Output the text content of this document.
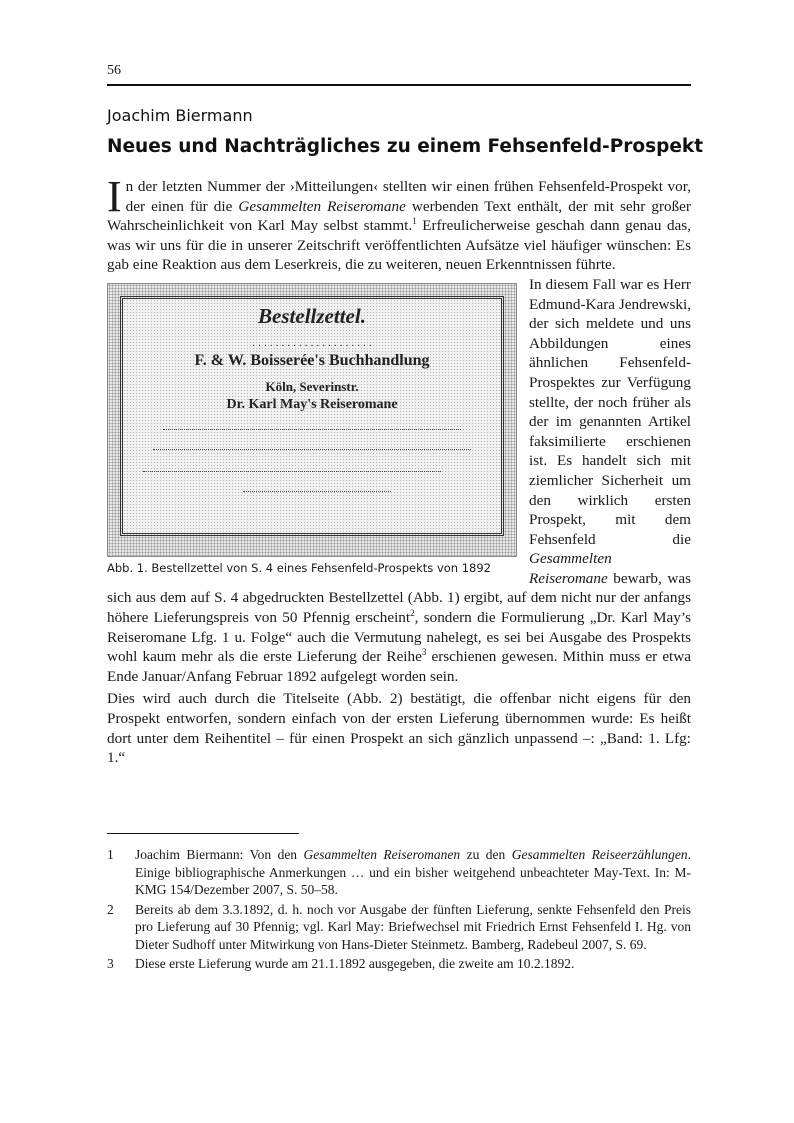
56
Joachim Biermann
Neues und Nachträgliches zu einem Fehsenfeld-Prospekt

In der letzten Nummer der ›Mitteilungen‹ stellten wir einen frühen Fehsenfeld-Prospekt vor, der einen für die Gesammelten Reiseromane werbenden Text enthält, der mit sehr großer Wahrscheinlichkeit von Karl May selbst stammt.$^1$ Erfreulicherweise geschah dann genau das, was wir uns für die in unserer Zeitschrift veröffentlichten Aufsätze viel häufiger wünschen: Es gab eine Reaktion aus dem Leserkreis, die zu weiteren, neuen Erkenntnissen führte.

Bestellzettel.
· · · · · · · · · · · · · · · · · · · · ·
F. & W. Boisserée's Buchhandlung
Köln, Severinstr.
Dr. Karl May's Reiseromane
Abb. 1. Bestellzettel von S. 4 eines Fehsenfeld-Prospekts von 1892

In diesem Fall war es Herr Edmund-Kara Jendrewski, der sich meldete und uns Abbildungen eines ähnlichen Fehsenfeld-Prospektes zur Verfügung stellte, der noch früher als der im genannten Artikel faksimilierte erschienen ist. Es handelt sich mit ziemlicher Sicherheit um den wirklich ersten Prospekt, mit dem Fehsenfeld die Gesammelten Reiseromane bewarb, was sich aus dem auf S. 4 abgedruckten Bestellzettel (Abb. 1) ergibt, auf dem nicht nur der anfangs höhere Lieferungspreis von 50 Pfennig erscheint$^2$, sondern die Formulierung „Dr. Karl May’s Reiseromane Lfg. 1 u. Folge“ auch die Vermutung nahelegt, es sei bei Ausgabe des Prospekts wohl kaum mehr als die erste Lieferung der Reihe$^3$ erschienen gewesen. Mithin muss er etwa Ende Januar/Anfang Februar 1892 aufgelegt worden sein.

Dies wird auch durch die Titelseite (Abb. 2) bestätigt, die offenbar nicht eigens für den Prospekt entworfen, sondern einfach von der ersten Lieferung übernommen wurde: Es heißt dort unter dem Reihentitel – für einen Prospekt an sich gänzlich unpassend –: „Band: 1. Lfg: 1.“

1	Joachim Biermann: Von den Gesammelten Reiseromanen zu den Gesammelten Reiseerzählungen. Einige bibliographische Anmerkungen … und ein bisher weitgehend unbeachteter May-Text. In: M-KMG 154/Dezember 2007, S. 50–58.
2	Bereits ab dem 3.3.1892, d. h. noch vor Ausgabe der fünften Lieferung, senkte Fehsenfeld den Preis pro Lieferung auf 30 Pfennig; vgl. Karl May: Briefwechsel mit Friedrich Ernst Fehsenfeld I. Hg. von Dieter Sudhoff unter Mitwirkung von Hans-Dieter Steinmetz. Bamberg, Radebeul 2007, S. 69.
3	Diese erste Lieferung wurde am 21.1.1892 ausgegeben, die zweite am 10.2.1892.
